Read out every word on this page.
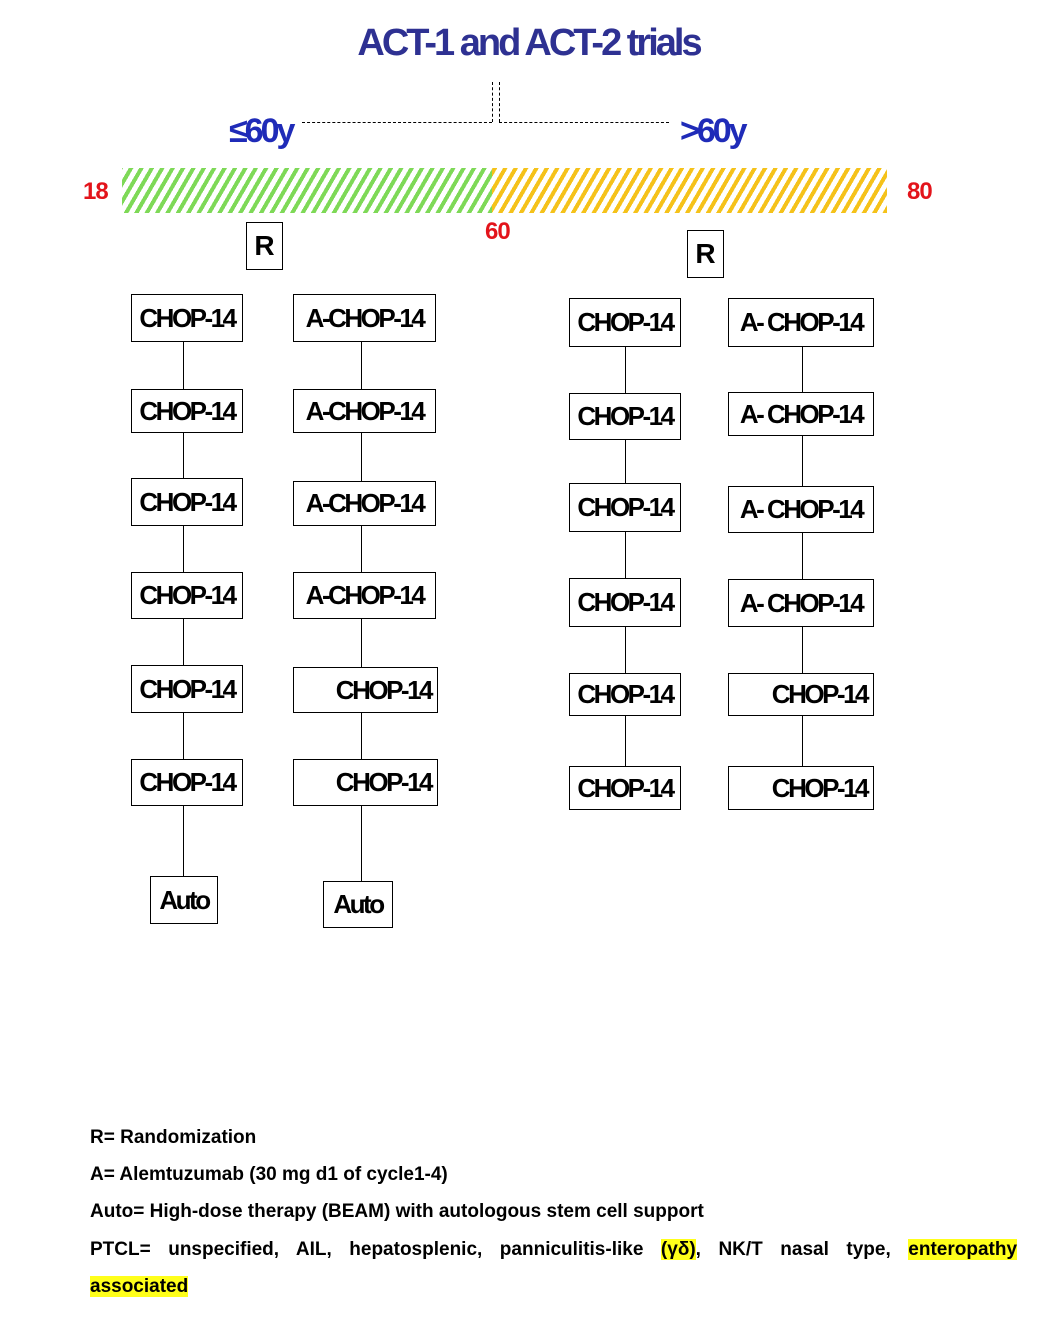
ACT-1 and ACT-2 trials
≤60y	>60y
18
60
80
R	R
CHOP-14
CHOP-14
CHOP-14
CHOP-14
CHOP-14
CHOP-14
Auto
A-CHOP-14
A-CHOP-14
A-CHOP-14
A-CHOP-14
CHOP-14
CHOP-14
Auto
CHOP-14
CHOP-14
CHOP-14
CHOP-14
CHOP-14
CHOP-14
A- CHOP-14
A- CHOP-14
A- CHOP-14
A- CHOP-14
CHOP-14
CHOP-14
R= Randomization
A= Alemtuzumab (30 mg d1 of cycle1-4)
Auto= High-dose therapy (BEAM) with autologous stem cell support
PTCL= unspecified, AIL, hepatosplenic, panniculitis-like (γδ), NK/T nasal type, enteropathy
associated
